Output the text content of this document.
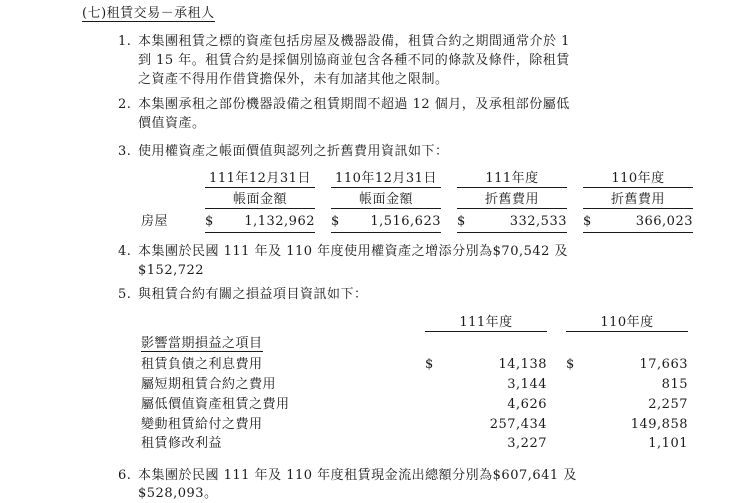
(七)租賃交易－承租人
1. 本集團租賃之標的資產包括房屋及機器設備，租賃合約之期間通常介於 1
到 15 年。租賃合約是採個別協商並包含各種不同的條款及條件，除租賃
之資產不得用作借貸擔保外，未有加諸其他之限制。
2. 本集團承租之部份機器設備之租賃期間不超過 12 個月，及承租部份屬低
價值資產。
3. 使用權資產之帳面價值與認列之折舊費用資訊如下：
111年12月31日	110年12月31日	111年度	110年度
帳面金額	帳面金額	折舊費用	折舊費用
房屋	$	1,132,962 $	1,516,623 $	332,533 $	366,023
4. 本集團於民國 111 年及 110 年度使用權資產之增添分別為$70,542 及
$152,722
5. 與租賃合約有關之損益項目資訊如下：
111年度	110年度
影響當期損益之項目
租賃負債之利息費用	$	14,138 $	17,663
屬短期租賃合約之費用	3,144	815
屬低價值資產租賃之費用	4,626	2,257
變動租賃給付之費用	257,434	149,858
租賃修改利益	3,227	1,101
6. 本集團於民國 111 年及 110 年度租賃現金流出總額分別為$607,641 及
$528,093。
